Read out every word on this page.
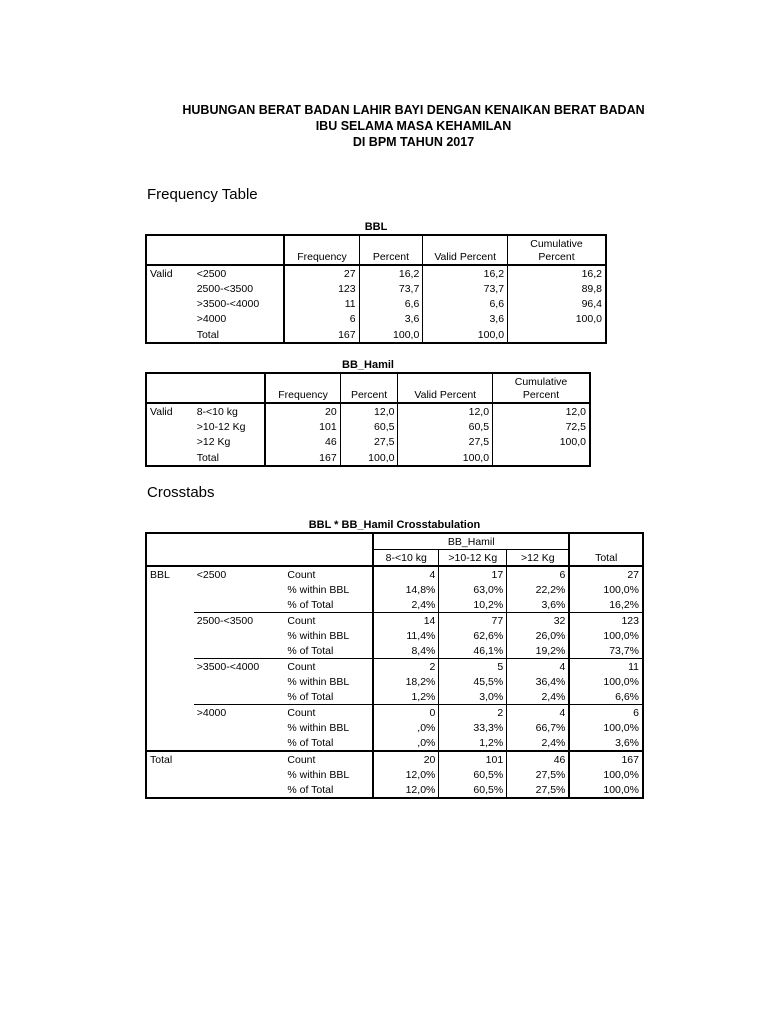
HUBUNGAN BERAT BADAN LAHIR BAYI DENGAN KENAIKAN BERAT BADAN
IBU SELAMA MASA KEHAMILAN
DI BPM TAHUN 2017
Frequency Table
BBL
		Frequency	Percent	Valid Percent	Cumulative
Percent

Valid	<2500	27	16,2	16,2	16,2
	2500-<3500	123	73,7	73,7	89,8
	>3500-<4000	11	6,6	6,6	96,4
	>4000	6	3,6	3,6	100,0
	Total	167	100,0	100,0	
BB_Hamil
		Frequency	Percent	Valid Percent	Cumulative
Percent

Valid	8-<10 kg	20	12,0	12,0	12,0
	>10-12 Kg	101	60,5	60,5	72,5
	>12 Kg	46	27,5	27,5	100,0
	Total	167	100,0	100,0	
Crosstabs
BBL * BB_Hamil Crosstabulation
			BB_Hamil			
			8-<10 kg	>10-12 Kg	>12 Kg	Total
BBL	<2500	Count	4	17	6	27
		% within BBL	14,8%	63,0%	22,2%	100,0%
		% of Total	2,4%	10,2%	3,6%	16,2%
	2500-<3500	Count	14	77	32	123
		% within BBL	11,4%	62,6%	26,0%	100,0%
		% of Total	8,4%	46,1%	19,2%	73,7%
	>3500-<4000	Count	2	5	4	11
		% within BBL	18,2%	45,5%	36,4%	100,0%
		% of Total	1,2%	3,0%	2,4%	6,6%
	>4000	Count	0	2	4	6
		% within BBL	,0%	33,3%	66,7%	100,0%
		% of Total	,0%	1,2%	2,4%	3,6%
Total		Count	20	101	46	167
		% within BBL	12,0%	60,5%	27,5%	100,0%
		% of Total	12,0%	60,5%	27,5%	100,0%
